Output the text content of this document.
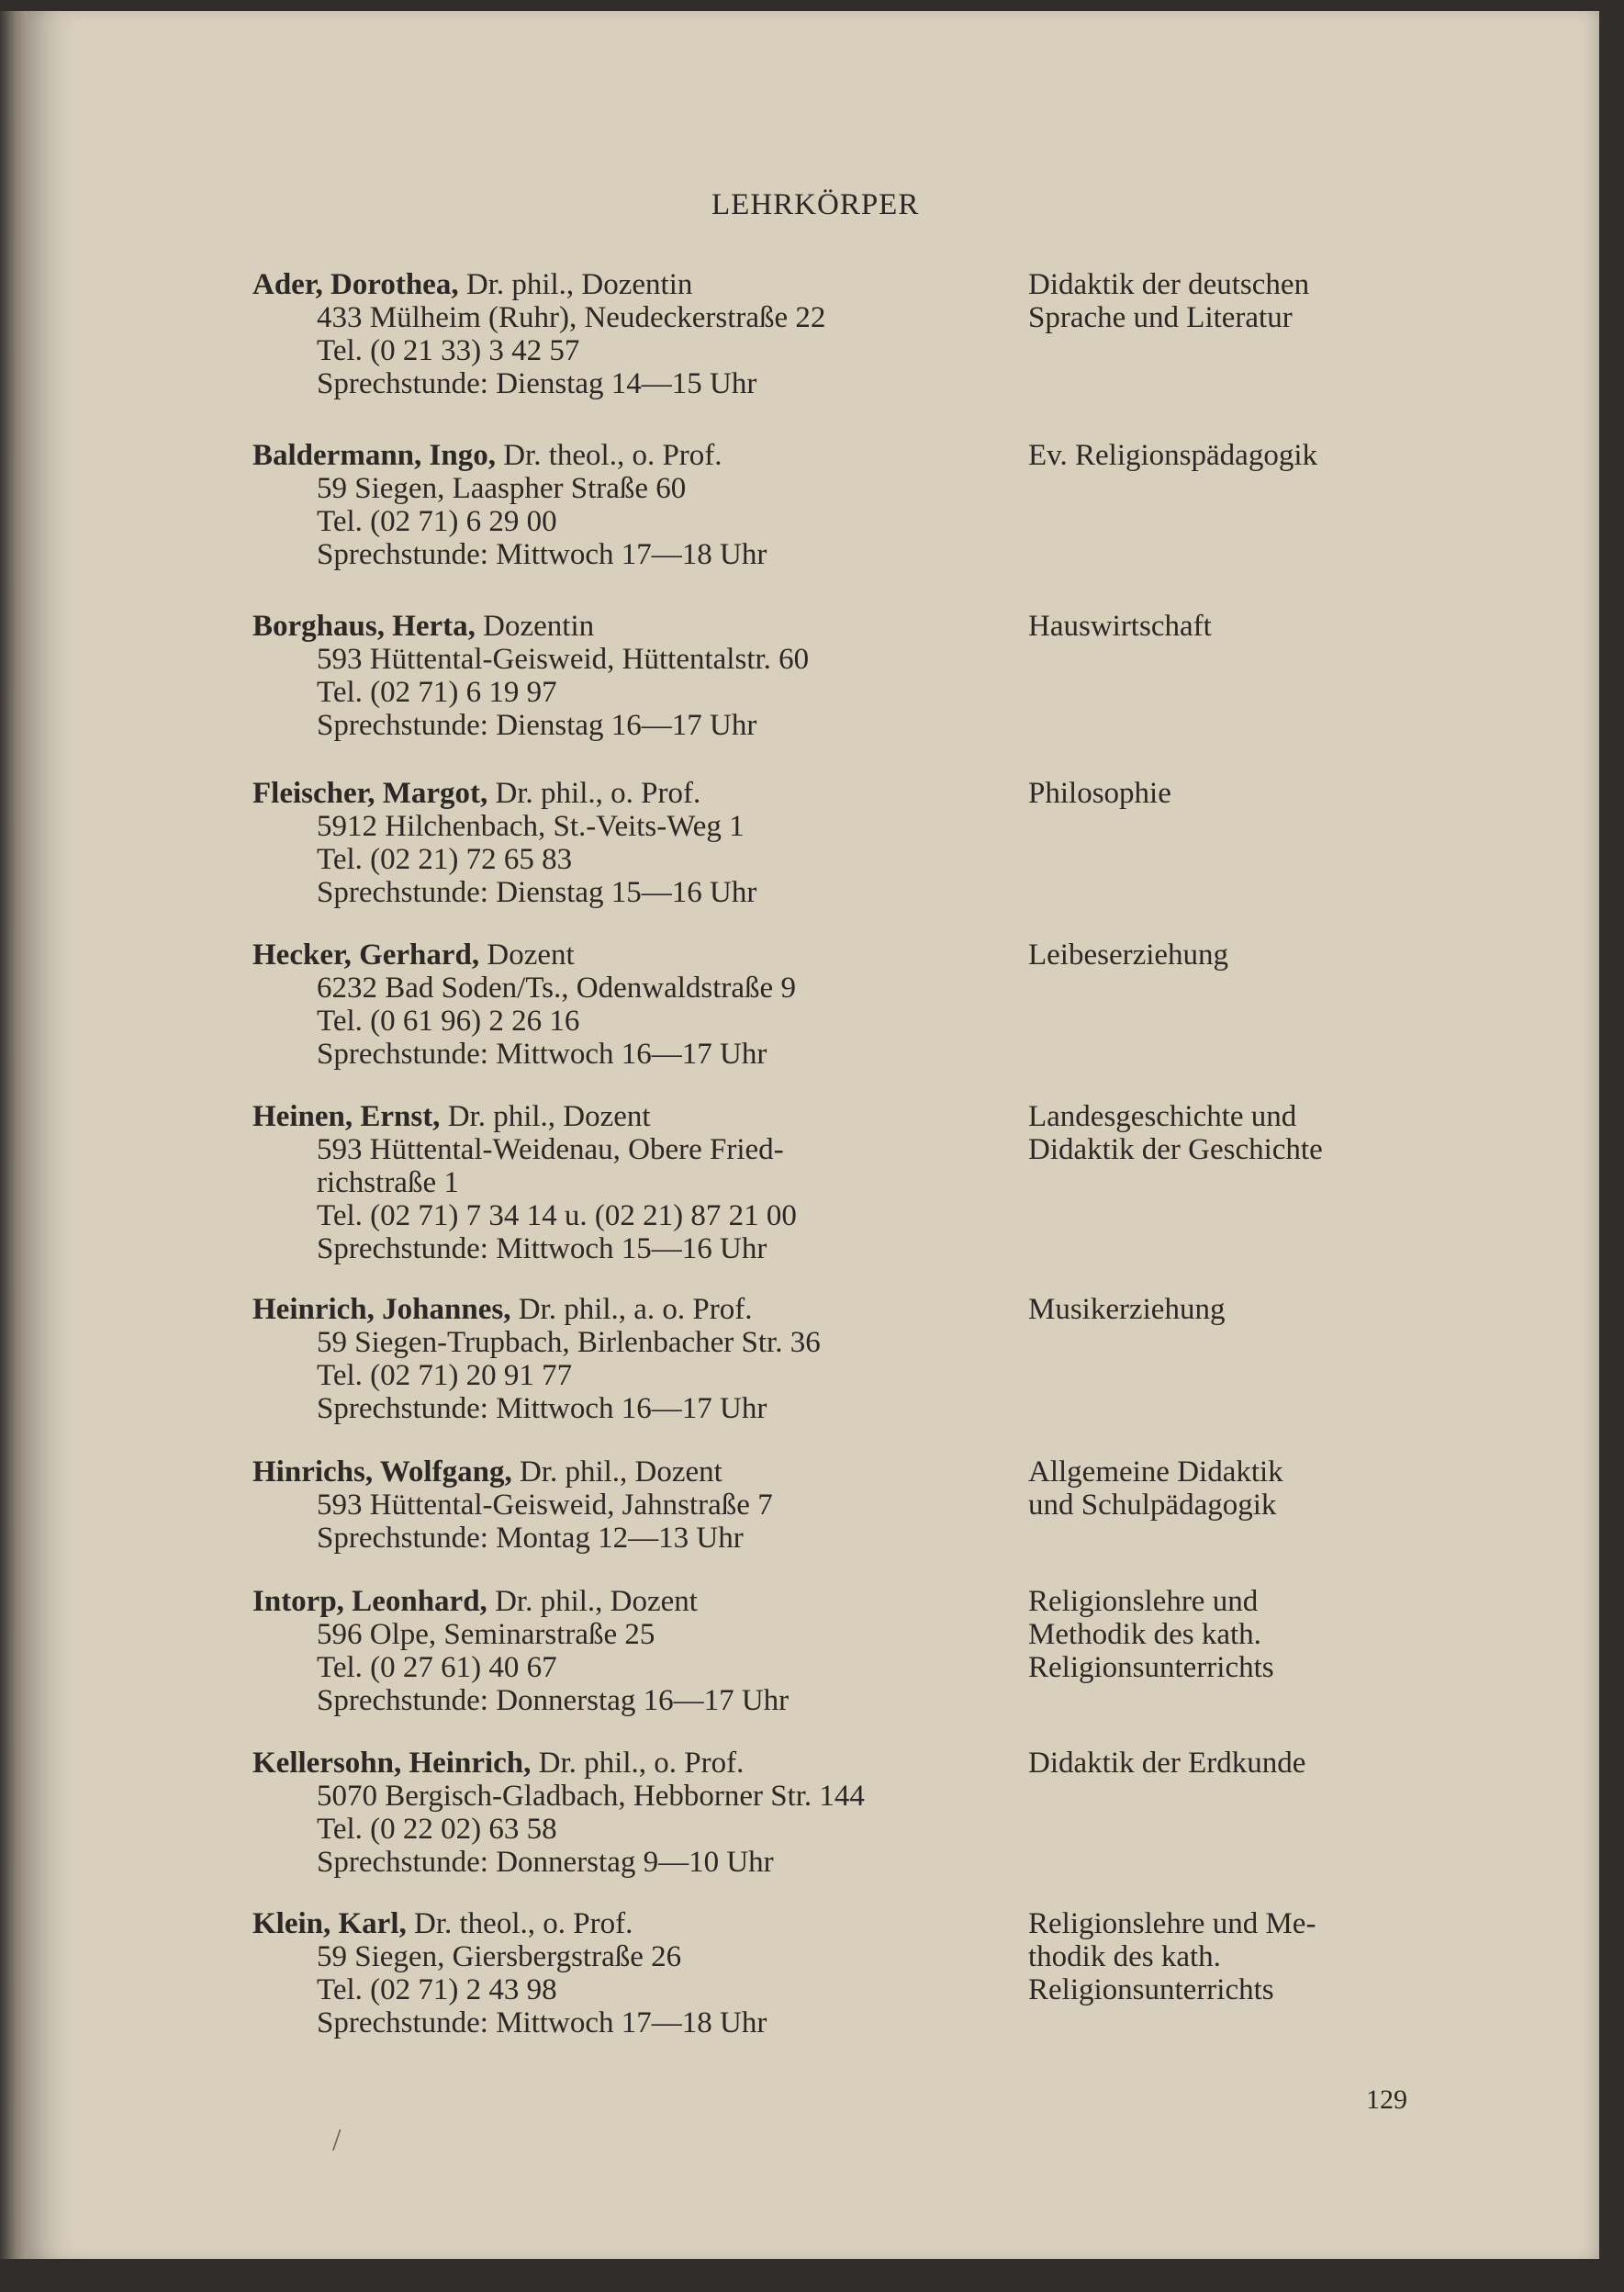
LEHRKÖRPER
Ader, Dorothea, Dr. phil., Dozentin
433 Mülheim (Ruhr), Neudeckerstraße 22
Tel. (0 21 33) 3 42 57
Sprechstunde: Dienstag 14—15 Uhr
Didaktik der deutschen
Sprache und Literatur
Baldermann, Ingo, Dr. theol., o. Prof.
59 Siegen, Laaspher Straße 60
Tel. (02 71) 6 29 00
Sprechstunde: Mittwoch 17—18 Uhr
Ev. Religionspädagogik
Borghaus, Herta, Dozentin
593 Hüttental-Geisweid, Hüttentalstr. 60
Tel. (02 71) 6 19 97
Sprechstunde: Dienstag 16—17 Uhr
Hauswirtschaft
Fleischer, Margot, Dr. phil., o. Prof.
5912 Hilchenbach, St.-Veits-Weg 1
Tel. (02 21) 72 65 83
Sprechstunde: Dienstag 15—16 Uhr
Philosophie
Hecker, Gerhard, Dozent
6232 Bad Soden/Ts., Odenwaldstraße 9
Tel. (0 61 96) 2 26 16
Sprechstunde: Mittwoch 16—17 Uhr
Leibeserziehung
Heinen, Ernst, Dr. phil., Dozent
593 Hüttental-Weidenau, Obere Fried-
richstraße 1
Tel. (02 71) 7 34 14 u. (02 21) 87 21 00
Sprechstunde: Mittwoch 15—16 Uhr
Landesgeschichte und
Didaktik der Geschichte
Heinrich, Johannes, Dr. phil., a. o. Prof.
59 Siegen-Trupbach, Birlenbacher Str. 36
Tel. (02 71) 20 91 77
Sprechstunde: Mittwoch 16—17 Uhr
Musikerziehung
Hinrichs, Wolfgang, Dr. phil., Dozent
593 Hüttental-Geisweid, Jahnstraße 7
Sprechstunde: Montag 12—13 Uhr
Allgemeine Didaktik
und Schulpädagogik
Intorp, Leonhard, Dr. phil., Dozent
596 Olpe, Seminarstraße 25
Tel. (0 27 61) 40 67
Sprechstunde: Donnerstag 16—17 Uhr
Religionslehre und
Methodik des kath.
Religionsunterrichts
Kellersohn, Heinrich, Dr. phil., o. Prof.
5070 Bergisch-Gladbach, Hebborner Str. 144
Tel. (0 22 02) 63 58
Sprechstunde: Donnerstag 9—10 Uhr
Didaktik der Erdkunde
Klein, Karl, Dr. theol., o. Prof.
59 Siegen, Giersbergstraße 26
Tel. (02 71) 2 43 98
Sprechstunde: Mittwoch 17—18 Uhr
Religionslehre und Me-
thodik des kath.
Religionsunterrichts
129
/
